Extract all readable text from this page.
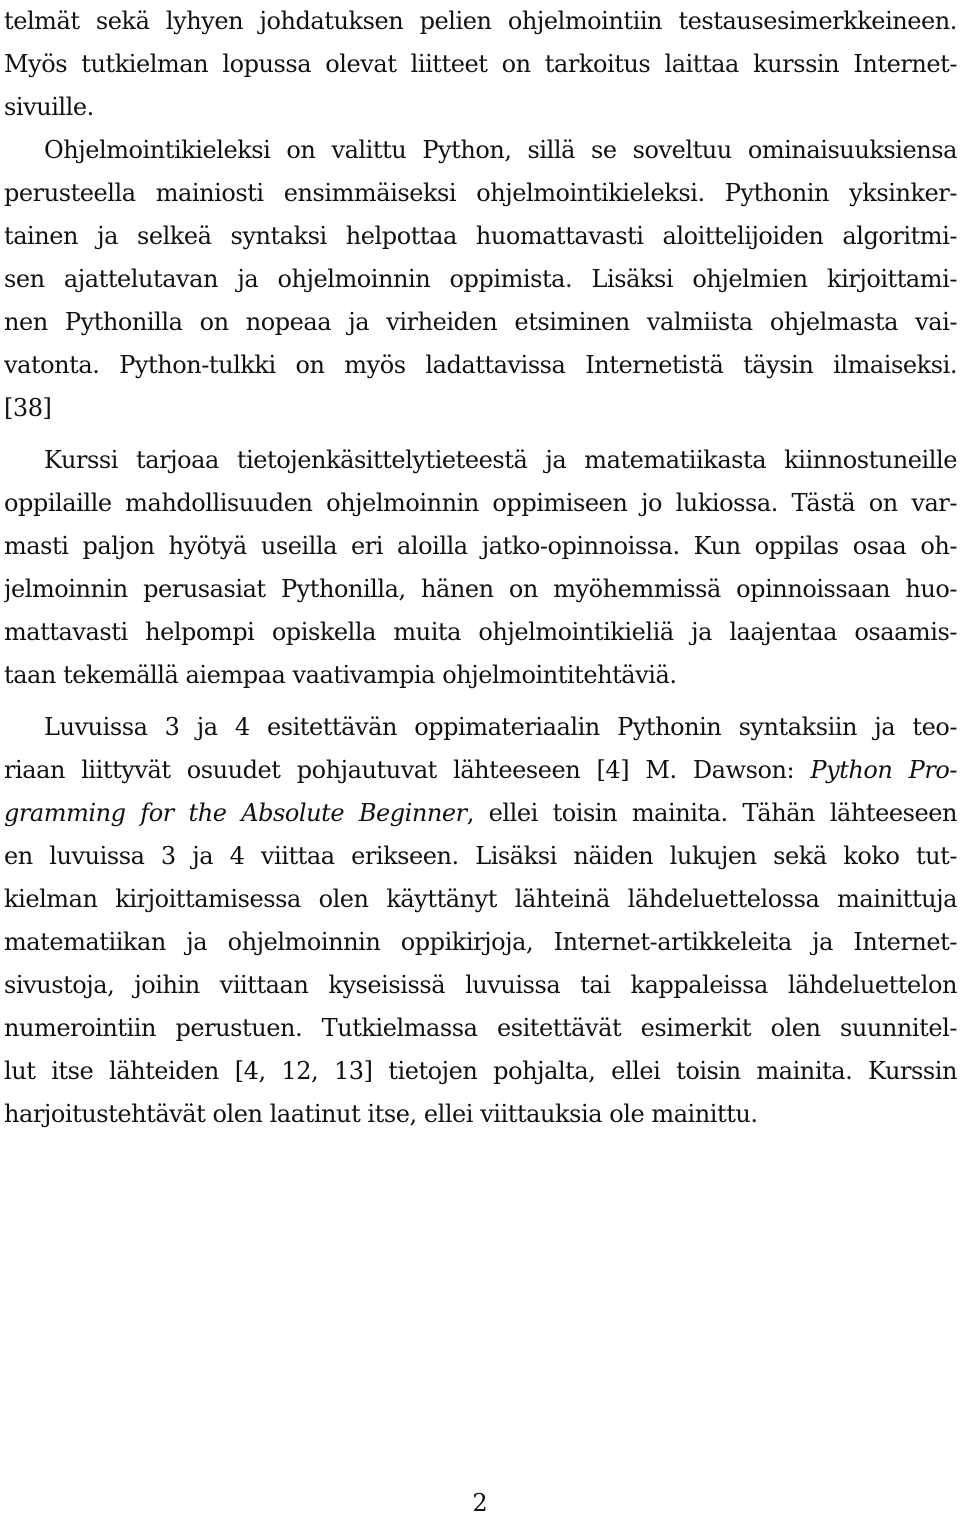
telmät sekä lyhyen johdatuksen pelien ohjelmointiin testausesimerkkeineen.
Myös tutkielman lopussa olevat liitteet on tarkoitus laittaa kurssin Internet-
sivuille.
Ohjelmointikieleksi on valittu Python, sillä se soveltuu ominaisuuksiensa
perusteella mainiosti ensimmäiseksi ohjelmointikieleksi. Pythonin yksinker-
tainen ja selkeä syntaksi helpottaa huomattavasti aloittelijoiden algoritmi-
sen ajattelutavan ja ohjelmoinnin oppimista. Lisäksi ohjelmien kirjoittami-
nen Pythonilla on nopeaa ja virheiden etsiminen valmiista ohjelmasta vai-
vatonta. Python-tulkki on myös ladattavissa Internetistä täysin ilmaiseksi.
[38]
Kurssi tarjoaa tietojenkäsittelytieteestä ja matematiikasta kiinnostuneille
oppilaille mahdollisuuden ohjelmoinnin oppimiseen jo lukiossa. Tästä on var-
masti paljon hyötyä useilla eri aloilla jatko-opinnoissa. Kun oppilas osaa oh-
jelmoinnin perusasiat Pythonilla, hänen on myöhemmissä opinnoissaan huo-
mattavasti helpompi opiskella muita ohjelmointikieliä ja laajentaa osaamis-
taan tekemällä aiempaa vaativampia ohjelmointitehtäviä.
Luvuissa 3 ja 4 esitettävän oppimateriaalin Pythonin syntaksiin ja teo-
riaan liittyvät osuudet pohjautuvat lähteeseen [4] M. Dawson: Python Pro-
gramming for the Absolute Beginner, ellei toisin mainita. Tähän lähteeseen
en luvuissa 3 ja 4 viittaa erikseen. Lisäksi näiden lukujen sekä koko tut-
kielman kirjoittamisessa olen käyttänyt lähteinä lähdeluettelossa mainittuja
matematiikan ja ohjelmoinnin oppikirjoja, Internet-artikkeleita ja Internet-
sivustoja, joihin viittaan kyseisissä luvuissa tai kappaleissa lähdeluettelon
numerointiin perustuen. Tutkielmassa esitettävät esimerkit olen suunnitel-
lut itse lähteiden [4, 12, 13] tietojen pohjalta, ellei toisin mainita. Kurssin
harjoitustehtävät olen laatinut itse, ellei viittauksia ole mainittu.
2
